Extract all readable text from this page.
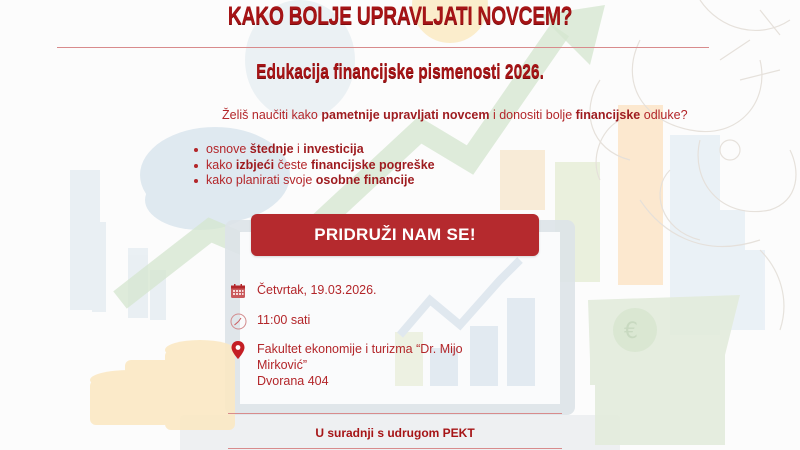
€
KAKO BOLJE UPRAVLJATI NOVCEM?
Edukacija financijske pismenosti 2026.

Želiš naučiti kako pametnije upravljati novcem i donositi bolje financijske odluke?

osnove štednje i investicija
kako izbjeći česte financijske pogreške
kako planirati svoje osobne financije
PRIDRUŽI NAM SE!
Četvrtak, 19.03.2026.
11:00 sati
Fakultet ekonomije i turizma “Dr. Mijo
Mirković”
Dvorana 404
U suradnji s udrugom PEKT
